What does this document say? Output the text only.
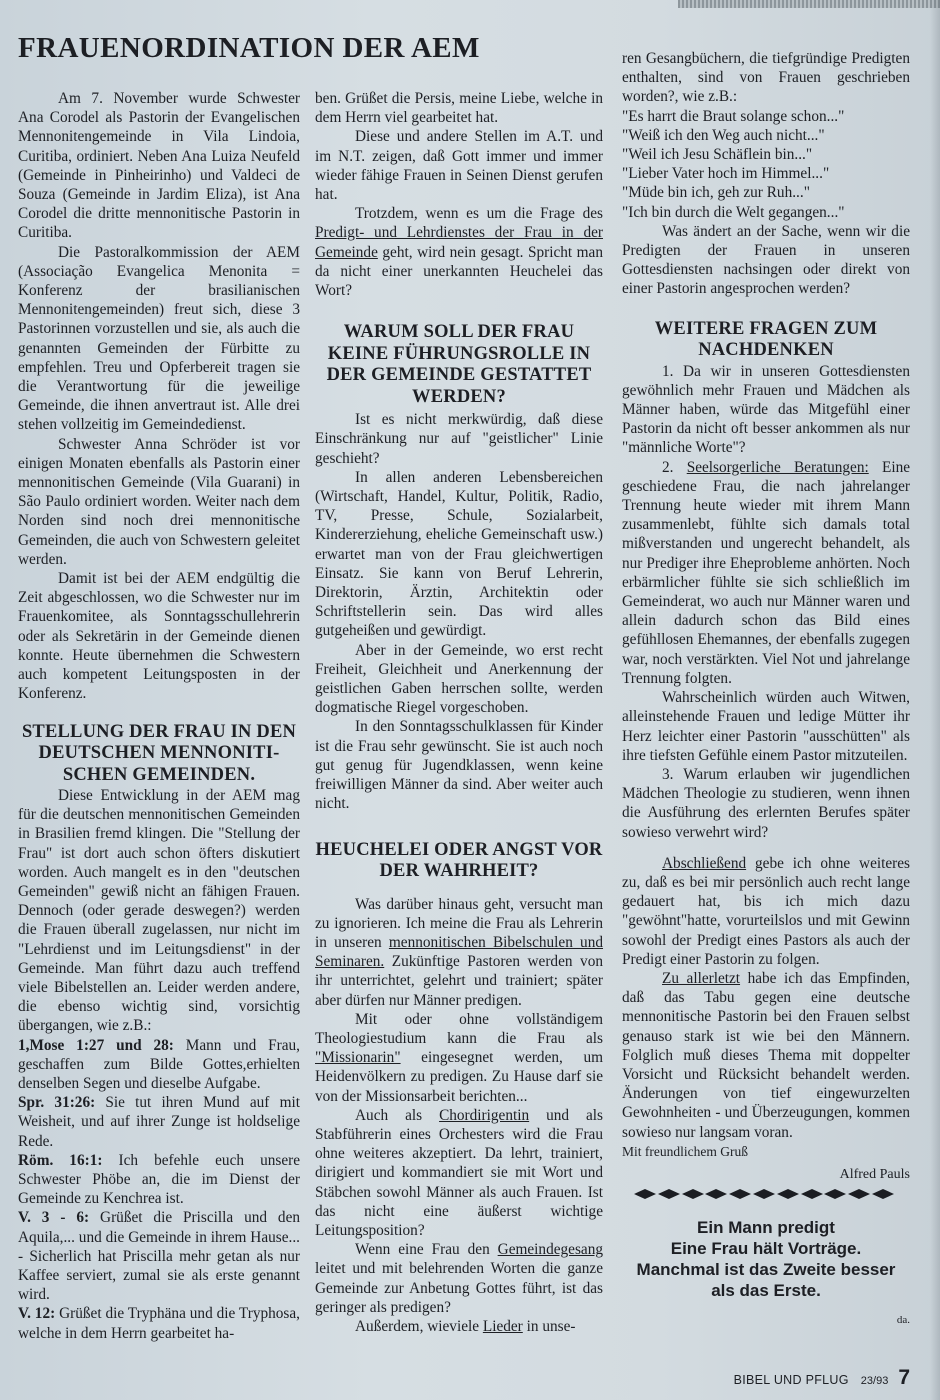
FRAUENORDINATION DER AEM

Am 7. November wurde Schwester Ana Corodel als Pastorin der Evangelischen Mennonitengemeinde in Vila Lindoia, Curitiba, ordiniert. Neben Ana Luiza Neufeld (Gemeinde in Pinheirinho) und Valdeci de Souza (Gemeinde in Jardim Eliza), ist Ana Corodel die dritte mennonitische Pastorin in Curitiba.

Die Pastoralkommission der AEM (Associação Evangelica Menonita = Konferenz der brasilianischen Mennonitengemeinden) freut sich, diese 3 Pastorinnen vorzustellen und sie, als auch die genannten Gemeinden der Fürbitte zu empfehlen. Treu und Opferbereit tragen sie die Verantwortung für die jeweilige Gemeinde, die ihnen anvertraut ist. Alle drei stehen vollzeitig im Gemeindedienst.

Schwester Anna Schröder ist vor einigen Monaten ebenfalls als Pastorin einer mennonitischen Gemeinde (Vila Guarani) in São Paulo ordiniert worden. Weiter nach dem Norden sind noch drei mennonitische Gemeinden, die auch von Schwestern geleitet werden.

Damit ist bei der AEM endgültig die Zeit abgeschlossen, wo die Schwester nur im Frauenkomitee, als Sonntagsschullehrerin oder als Sekretärin in der Gemeinde dienen konnte. Heute übernehmen die Schwestern auch kompetent Leitungsposten in der Konferenz.

STELLUNG DER FRAU IN DEN DEUTSCHEN MENNONITI-SCHEN GEMEINDEN.

Diese Entwicklung in der AEM mag für die deutschen mennonitischen Gemeinden in Brasilien fremd klingen. Die "Stellung der Frau" ist dort auch schon öfters diskutiert worden. Auch mangelt es in den "deutschen Gemeinden" gewiß nicht an fähigen Frauen. Dennoch (oder gerade deswegen?) werden die Frauen überall zugelassen, nur nicht im "Lehrdienst und im Leitungsdienst" in der Gemeinde. Man führt dazu auch treffend viele Bibelstellen an. Leider werden andere, die ebenso wichtig sind, vorsichtig übergangen, wie z.B.:

1,Mose 1:27 und 28: Mann und Frau, geschaffen zum Bilde Gottes,erhielten denselben Segen und dieselbe Aufgabe.

Spr. 31:26: Sie tut ihren Mund auf mit Weisheit, und auf ihrer Zunge ist holdselige Rede.

Röm. 16:1: Ich befehle euch unsere Schwester Phöbe an, die im Dienst der Gemeinde zu Kenchrea ist.

V. 3 - 6: Grüßet die Priscilla und den Aquila,... und die Gemeinde in ihrem Hause... - Sicherlich hat Priscilla mehr getan als nur Kaffee serviert, zumal sie als erste genannt wird.

V. 12: Grüßet die Tryphäna und die Tryphosa, welche in dem Herrn gearbeitet ha-

ben. Grüßet die Persis, meine Liebe, welche in dem Herrn viel gearbeitet hat.

Diese und andere Stellen im A.T. und im N.T. zeigen, daß Gott immer und immer wieder fähige Frauen in Seinen Dienst gerufen hat.

Trotzdem, wenn es um die Frage des Predigt- und Lehrdienstes der Frau in der Gemeinde geht, wird nein gesagt. Spricht man da nicht einer unerkannten Heuchelei das Wort?

WARUM SOLL DER FRAU KEINE FÜHRUNGSROLLE IN DER GEMEINDE GESTATTET WERDEN?

Ist es nicht merkwürdig, daß diese Einschränkung nur auf "geistlicher" Linie geschieht?

In allen anderen Lebensbereichen (Wirtschaft, Handel, Kultur, Politik, Radio, TV, Presse, Schule, Sozialarbeit, Kindererziehung, eheliche Gemeinschaft usw.) erwartet man von der Frau gleichwertigen Einsatz. Sie kann von Beruf Lehrerin, Direktorin, Ärztin, Architektin oder Schriftstellerin sein. Das wird alles gutgeheißen und gewürdigt.

Aber in der Gemeinde, wo erst recht Freiheit, Gleichheit und Anerkennung der geistlichen Gaben herrschen sollte, werden dogmatische Riegel vorgeschoben.

In den Sonntagsschulklassen für Kinder ist die Frau sehr gewünscht. Sie ist auch noch gut genug für Jugendklassen, wenn keine freiwilligen Männer da sind. Aber weiter auch nicht.

HEUCHELEI ODER ANGST VOR DER WAHRHEIT?

Was darüber hinaus geht, versucht man zu ignorieren. Ich meine die Frau als Lehrerin in unseren mennonitischen Bibelschulen und Seminaren. Zukünftige Pastoren werden von ihr unterrichtet, gelehrt und trainiert; später aber dürfen nur Männer predigen.

Mit oder ohne vollständigem Theologiestudium kann die Frau als "Missionarin" eingesegnet werden, um Heidenvölkern zu predigen. Zu Hause darf sie von der Missionsarbeit berichten...

Auch als Chordirigentin und als Stabführerin eines Orchesters wird die Frau ohne weiteres akzeptiert. Da lehrt, trainiert, dirigiert und kommandiert sie mit Wort und Stäbchen sowohl Männer als auch Frauen. Ist das nicht eine äußerst wichtige Leitungsposition?

Wenn eine Frau den Gemeindegesang leitet und mit belehrenden Worten die ganze Gemeinde zur Anbetung Gottes führt, ist das geringer als predigen?

Außerdem, wieviele Lieder in unse-

ren Gesangbüchern, die tiefgründige Predigten enthalten, sind von Frauen geschrieben worden?, wie z.B.:

"Es harrt die Braut solange schon..."

"Weiß ich den Weg auch nicht..."

"Weil ich Jesu Schäflein bin..."

"Lieber Vater hoch im Himmel..."

"Müde bin ich, geh zur Ruh..."

"Ich bin durch die Welt gegangen..."

Was ändert an der Sache, wenn wir die Predigten der Frauen in unseren Gottesdiensten nachsingen oder direkt von einer Pastorin angesprochen werden?

WEITERE FRAGEN ZUM NACHDENKEN

1. Da wir in unseren Gottesdiensten gewöhnlich mehr Frauen und Mädchen als Männer haben, würde das Mitgefühl einer Pastorin da nicht oft besser ankommen als nur "männliche Worte"?

2. Seelsorgerliche Beratungen: Eine geschiedene Frau, die nach jahrelanger Trennung heute wieder mit ihrem Mann zusammenlebt, fühlte sich damals total mißverstanden und ungerecht behandelt, als nur Prediger ihre Eheprobleme anhörten. Noch erbärmlicher fühlte sie sich schließlich im Gemeinderat, wo auch nur Männer waren und allein dadurch schon das Bild eines gefühllosen Ehemannes, der ebenfalls zugegen war, noch verstärkten. Viel Not und jahrelange Trennung folgten.

Wahrscheinlich würden auch Witwen, alleinstehende Frauen und ledige Mütter ihr Herz leichter einer Pastorin "ausschütten" als ihre tiefsten Gefühle einem Pastor mitzuteilen.

3. Warum erlauben wir jugendlichen Mädchen Theologie zu studieren, wenn ihnen die Ausführung des erlernten Berufes später sowieso verwehrt wird?

Abschließend gebe ich ohne weiteres zu, daß es bei mir persönlich auch recht lange gedauert hat, bis ich mich dazu "gewöhnt"hatte, vorurteilslos und mit Gewinn sowohl der Predigt eines Pastors als auch der Predigt einer Pastorin zu folgen.

Zu allerletzt habe ich das Empfinden, daß das Tabu gegen eine deutsche mennonitische Pastorin bei den Frauen selbst genauso stark ist wie bei den Männern. Folglich muß dieses Thema mit doppelter Vorsicht und Rücksicht behandelt werden. Änderungen von tief eingewurzelten Gewohnheiten - und Überzeugungen, kommen sowieso nur langsam voran.

Mit freundlichem Gruß

Alfred Pauls
Ein Mann predigt
Eine Frau hält Vorträge.
Manchmal ist das Zweite besser
als das Erste.
da.
BIBEL UND PFLUG 23/93 7
